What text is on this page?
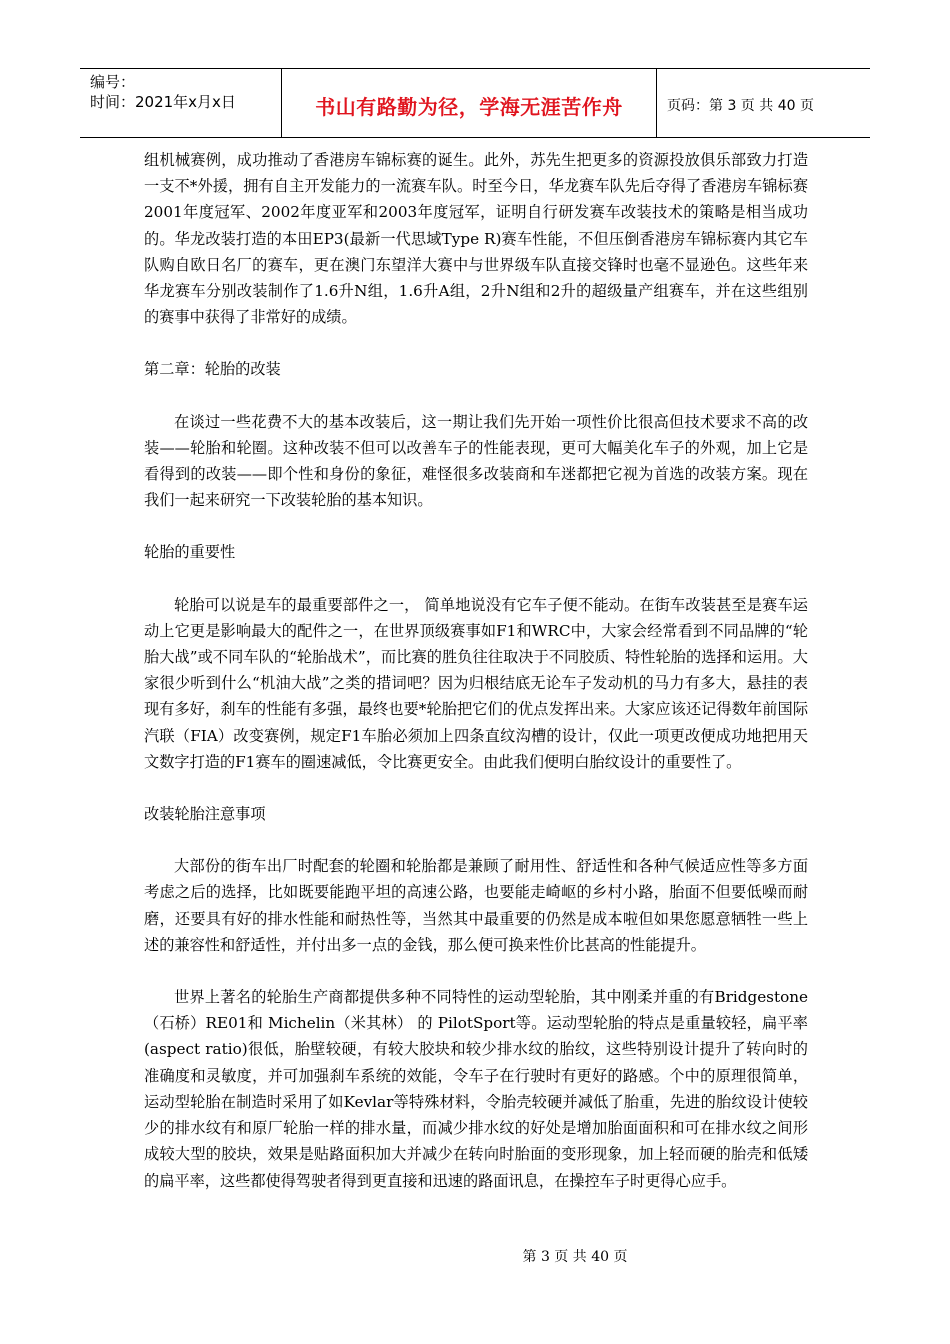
编号：
时间：2021年x月x日	书山有路勤为径，学海无涯苦作舟	页码：第 3 页 共 40 页

组机械赛例，成功推动了香港房车锦标赛的诞生。此外，苏先生把更多的资源投放俱乐部致力打造一支不*外援，拥有自主开发能力的一流赛车队。时至今日，华龙赛车队先后夺得了香港房车锦标赛2001年度冠军、2002年度亚军和2003年度冠军，证明自行研发赛车改装技术的策略是相当成功的。华龙改装打造的本田EP3(最新一代思域Type R)赛车性能，不但压倒香港房车锦标赛内其它车队购自欧日名厂的赛车，更在澳门东望洋大赛中与世界级车队直接交锋时也毫不显逊色。这些年来华龙赛车分别改装制作了1.6升N组，1.6升A组，2升N组和2升的超级量产组赛车，并在这些组别的赛事中获得了非常好的成绩。

第二章：轮胎的改装

在谈过一些花费不大的基本改装后，这一期让我们先开始一项性价比很高但技术要求不高的改装——轮胎和轮圈。这种改装不但可以改善车子的性能表现，更可大幅美化车子的外观，加上它是看得到的改装——即个性和身份的象征，难怪很多改装商和车迷都把它视为首选的改装方案。现在我们一起来研究一下改装轮胎的基本知识。

轮胎的重要性

轮胎可以说是车的最重要部件之一， 简单地说没有它车子便不能动。在街车改装甚至是赛车运动上它更是影响最大的配件之一，在世界顶级赛事如F1和WRC中，大家会经常看到不同品牌的“轮胎大战”或不同车队的“轮胎战术”，而比赛的胜负往往取决于不同胶质、特性轮胎的选择和运用。大家很少听到什么“机油大战”之类的措词吧？因为归根结底无论车子发动机的马力有多大，悬挂的表现有多好，刹车的性能有多强，最终也要*轮胎把它们的优点发挥出来。大家应该还记得数年前国际汽联（FIA）改变赛例，规定F1车胎必须加上四条直纹沟槽的设计，仅此一项更改便成功地把用天文数字打造的F1赛车的圈速减低，令比赛更安全。由此我们便明白胎纹设计的重要性了。

改装轮胎注意事项

大部份的街车出厂时配套的轮圈和轮胎都是兼顾了耐用性、舒适性和各种气候适应性等多方面考虑之后的选择，比如既要能跑平坦的高速公路，也要能走崎岖的乡村小路，胎面不但要低噪而耐磨，还要具有好的排水性能和耐热性等，当然其中最重要的仍然是成本啦但如果您愿意牺牲一些上述的兼容性和舒适性，并付出多一点的金钱，那么便可换来性价比甚高的性能提升。

世界上著名的轮胎生产商都提供多种不同特性的运动型轮胎，其中刚柔并重的有Bridgestone（石桥）RE01和 Michelin（米其林） 的 PilotSport等。运动型轮胎的特点是重量较轻，扁平率(aspect ratio)很低，胎壁较硬，有较大胶块和较少排水纹的胎纹，这些特别设计提升了转向时的准确度和灵敏度，并可加强刹车系统的效能，令车子在行驶时有更好的路感。个中的原理很简单，运动型轮胎在制造时采用了如Kevlar等特殊材料，令胎壳较硬并减低了胎重，先进的胎纹设计使较少的排水纹有和原厂轮胎一样的排水量，而减少排水纹的好处是增加胎面面积和可在排水纹之间形成较大型的胶块，效果是贴路面积加大并减少在转向时胎面的变形现象，加上轻而硬的胎壳和低矮的扁平率，这些都使得驾驶者得到更直接和迅速的路面讯息，在操控车子时更得心应手。

第 3 页 共 40 页
